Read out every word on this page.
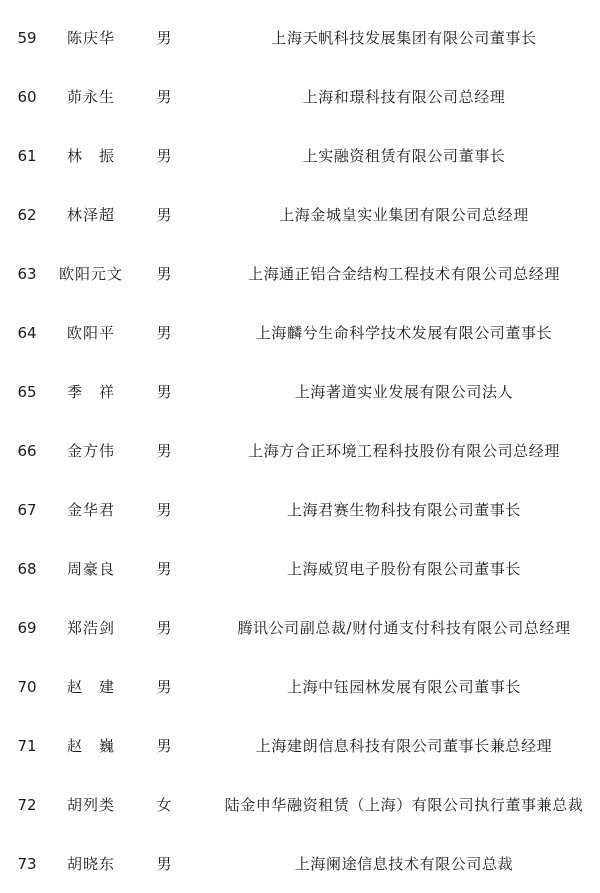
59	陈庆华	男	上海天帆科技发展集团有限公司董事长
60	茆永生	男	上海和璟科技有限公司总经理
61	林　振	男	上实融资租赁有限公司董事长
62	林泽超	男	上海金城皇实业集团有限公司总经理
63	欧阳元文 男	上海通正铝合金结构工程技术有限公司总经理
64	欧阳平	男	上海麟兮生命科学技术发展有限公司董事长
65	季　祥	男	上海著道实业发展有限公司法人
66	金方伟	男	上海方合正环境工程科技股份有限公司总经理
67	金华君	男	上海君赛生物科技有限公司董事长
68	周豪良	男	上海威贸电子股份有限公司董事长
69	郑浩剑	男	腾讯公司副总裁/财付通支付科技有限公司总经理
70	赵　建	男	上海中钰园林发展有限公司董事长
71	赵　巍	男	上海建朗信息科技有限公司董事长兼总经理
72	胡列类	女	陆金申华融资租赁（上海）有限公司执行董事兼总裁
73	胡晓东	男	上海阑途信息技术有限公司总裁
